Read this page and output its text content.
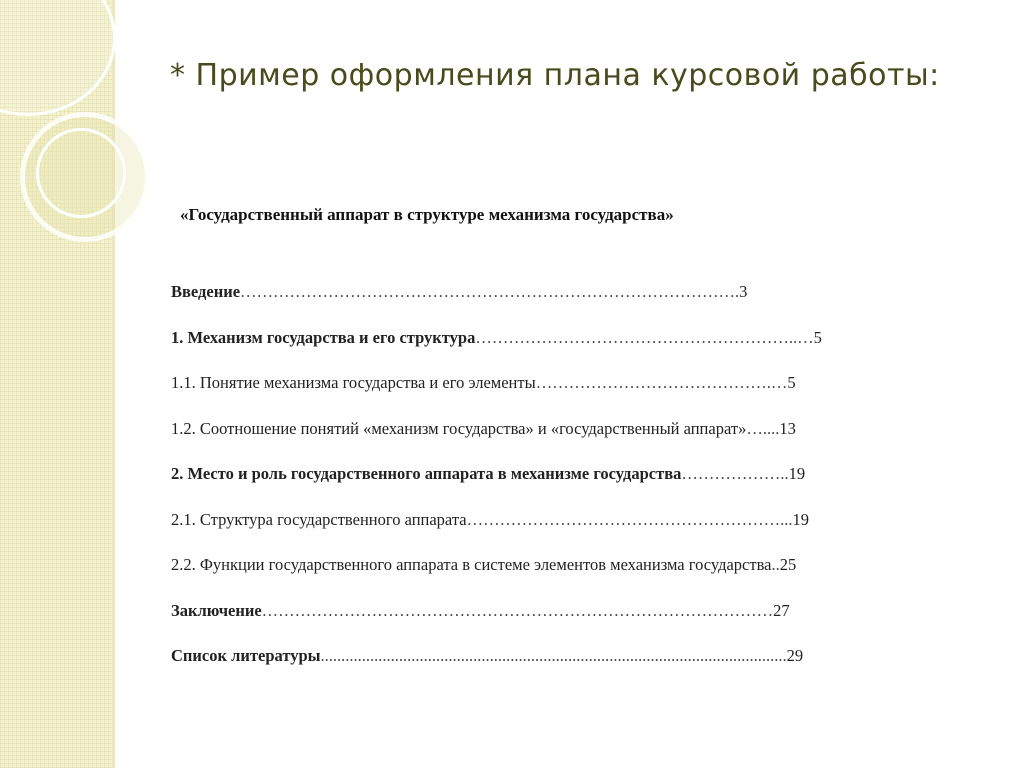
* Пример оформления плана курсовой работы:
«Государственный аппарат в структуре механизма государства»
Введение……………………………………………………………………………….3
1. Механизм государства и его структура…………………………………………………..…5
1.1. Понятие механизма государства и его элементы…………………………………….…5
1.2. Соотношение понятий «механизм государства» и «государственный аппарат»…....13
2. Место и роль государственного аппарата в механизме государства………………..19
2.1. Структура государственного аппарата…………………………………………………...19
2.2. Функции государственного аппарата в системе элементов механизма государства..25
Заключение…………………………………………………………………………………27
Список литературы.................................................................................................................29
